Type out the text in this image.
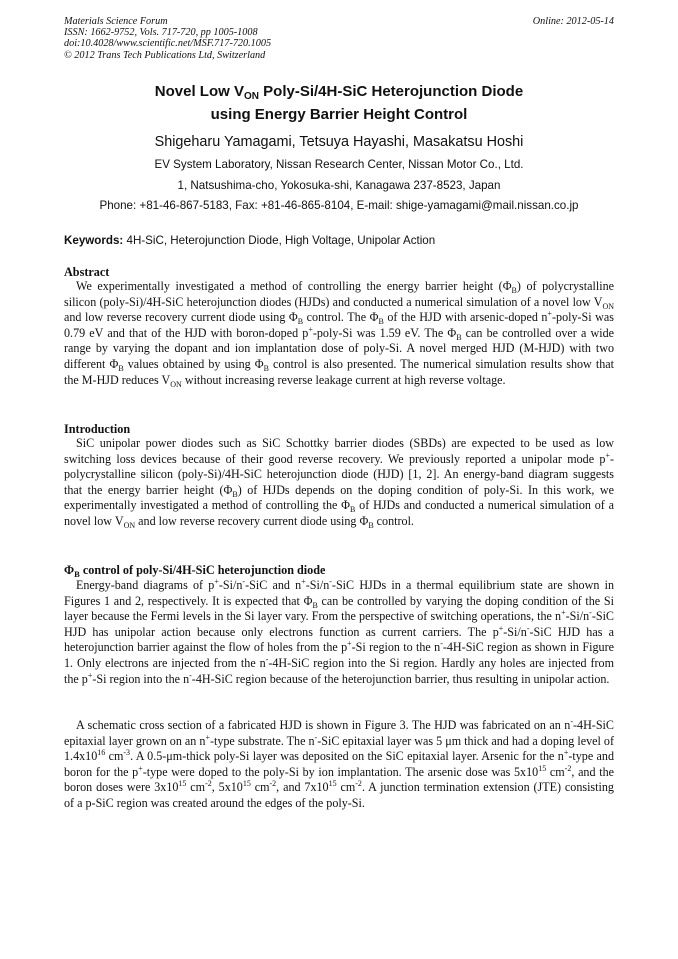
Materials Science Forum
ISSN: 1662-9752, Vols. 717-720, pp 1005-1008
doi:10.4028/www.scientific.net/MSF.717-720.1005
© 2012 Trans Tech Publications Ltd, Switzerland
Online: 2012-05-14
Novel Low $V_{ON}$ Poly-Si/4H-SiC Heterojunction Diode
using Energy Barrier Height Control
Shigeharu Yamagami, Tetsuya Hayashi, Masakatsu Hoshi
EV System Laboratory, Nissan Research Center, Nissan Motor Co., Ltd.
1, Natsushima-cho, Yokosuka-shi, Kanagawa 237-8523, Japan
Phone: +81-46-867-5183, Fax: +81-46-865-8104, E-mail: shige-yamagami@mail.nissan.co.jp
Keywords: 4H-SiC, Heterojunction Diode, High Voltage, Unipolar Action
Abstract

We experimentally investigated a method of controlling the energy barrier height $(\Phi_B)$ of polycrystalline silicon (poly-Si)/4H-SiC heterojunction diodes (HJDs) and conducted a numerical simulation of a novel low $V_{ON}$ and low reverse recovery current diode using $\Phi_B$ control. The $\Phi_B$ of the HJD with arsenic-doped n+-poly-Si was 0.79 eV and that of the HJD with boron-doped p+-poly-Si was 1.59 eV. The $\Phi_B$ can be controlled over a wide range by varying the dopant and ion implantation dose of poly-Si. A novel merged HJD (M-HJD) with two different $\Phi_B$ values obtained by using $\Phi_B$ control is also presented. The numerical simulation results show that the M-HJD reduces $V_{ON}$ without increasing reverse leakage current at high reverse voltage.

Introduction

SiC unipolar power diodes such as SiC Schottky barrier diodes (SBDs) are expected to be used as low switching loss devices because of their good reverse recovery. We previously reported a unipolar mode p+-polycrystalline silicon (poly-Si)/4H-SiC heterojunction diode (HJD) [1, 2]. An energy-band diagram suggests that the energy barrier height $(\Phi_B)$ of HJDs depends on the doping condition of poly-Si. In this work, we experimentally investigated a method of controlling the $\Phi_B$ of HJDs and conducted a numerical simulation of a novel low $V_{ON}$ and low reverse recovery current diode using $\Phi_B$ control.

$\Phi_B$ control of poly-Si/4H-SiC heterojunction diode

Energy-band diagrams of p+-Si/n--SiC and n+-Si/n--SiC HJDs in a thermal equilibrium state are shown in Figures 1 and 2, respectively. It is expected that $\Phi_B$ can be controlled by varying the doping condition of the Si layer because the Fermi levels in the Si layer vary. From the perspective of switching operations, the n+-Si/n--SiC HJD has unipolar action because only electrons function as current carriers. The p+-Si/n--SiC HJD has a heterojunction barrier against the flow of holes from the p+-Si region to the n--4H-SiC region as shown in Figure 1. Only electrons are injected from the n--4H-SiC region into the Si region. Hardly any holes are injected from the p+-Si region into the n--4H-SiC region because of the heterojunction barrier, thus resulting in unipolar action.

A schematic cross section of a fabricated HJD is shown in Figure 3. The HJD was fabricated on an n--4H-SiC epitaxial layer grown on an n+-type substrate. The n--SiC epitaxial layer was 5 μm thick and had a doping level of $1.4x10^{16}$ $cm^{-3}$. A 0.5-μm-thick poly-Si layer was deposited on the SiC epitaxial layer. Arsenic for the n+-type and boron for the p+-type were doped to the poly-Si by ion implantation. The arsenic dose was $5x10^{15}$ $cm^{-2}$, and the boron doses were $3x10^{15}$ $cm^{-2}$, $5x10^{15}$ $cm^{-2}$, and $7x10^{15}$ $cm^{-2}$. A junction termination extension (JTE) consisting of a p-SiC region was created around the edges of the poly-Si.
